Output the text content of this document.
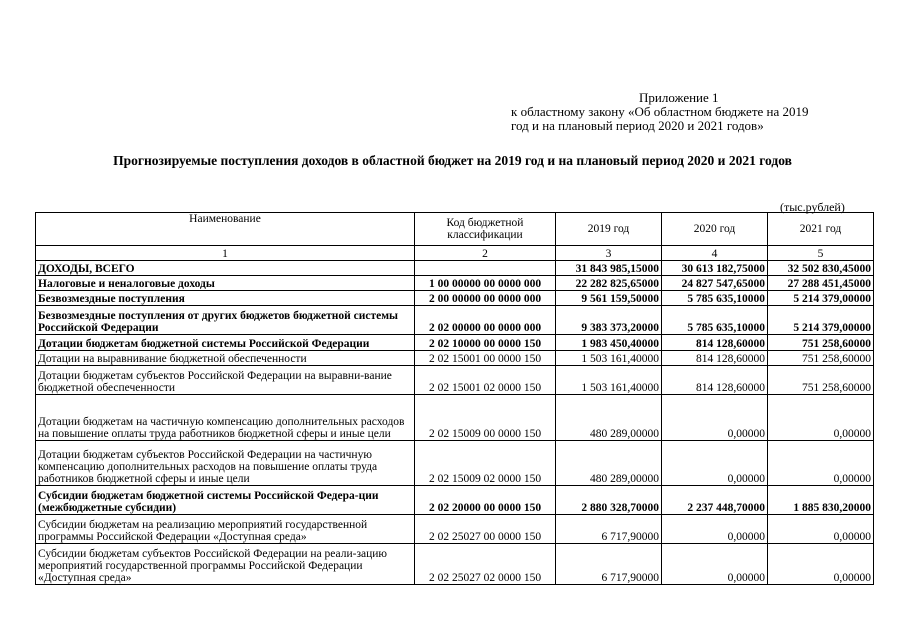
Приложение 1
к областному закону «Об областном бюджете на 2019
год и на плановый период 2020 и 2021 годов»
Прогнозируемые поступления доходов в областной бюджет на 2019 год и на плановый период 2020 и 2021 годов
(тыс.рублей)
Наименование	Код бюджетной классификации	2019 год	2020 год	2021 год
1	2	3	4	5
ДОХОДЫ, ВСЕГО		31 843 985,15000	30 613 182,75000	32 502 830,45000
Налоговые и неналоговые доходы	1 00 00000 00 0000 000	22 282 825,65000	24 827 547,65000	27 288 451,45000
Безвозмездные поступления	2 00 00000 00 0000 000	9 561 159,50000	5 785 635,10000	5 214 379,00000
Безвозмездные поступления от других бюджетов бюджетной системы Российской Федерации	2 02 00000 00 0000 000	9 383 373,20000	5 785 635,10000	5 214 379,00000
Дотации бюджетам бюджетной системы Российской Федерации	2 02 10000 00 0000 150	1 983 450,40000	814 128,60000	751 258,60000
Дотации на выравнивание бюджетной обеспеченности	2 02 15001 00 0000 150	1 503 161,40000	814 128,60000	751 258,60000
Дотации бюджетам субъектов Российской Федерации на выравни-вание бюджетной обеспеченности	2 02 15001 02 0000 150	1 503 161,40000	814 128,60000	751 258,60000
Дотации бюджетам на частичную компенсацию дополнительных расходов на повышение оплаты труда работников бюджетной сферы и иные цели	2 02 15009 00 0000 150	480 289,00000	0,00000	0,00000
Дотации бюджетам субъектов Российской Федерации на частичную компенсацию дополнительных расходов на повышение оплаты труда работников бюджетной сферы и иные цели	2 02 15009 02 0000 150	480 289,00000	0,00000	0,00000
Субсидии бюджетам бюджетной системы Российской Федера-ции (межбюджетные субсидии)	2 02 20000 00 0000 150	2 880 328,70000	2 237 448,70000	1 885 830,20000
Субсидии бюджетам на реализацию мероприятий государственной программы Российской Федерации «Доступная среда»	2 02 25027 00 0000 150	6 717,90000	0,00000	0,00000
Субсидии бюджетам субъектов Российской Федерации на реали-зацию мероприятий государственной программы Российской Федерации «Доступная среда»	2 02 25027 02 0000 150	6 717,90000	0,00000	0,00000
